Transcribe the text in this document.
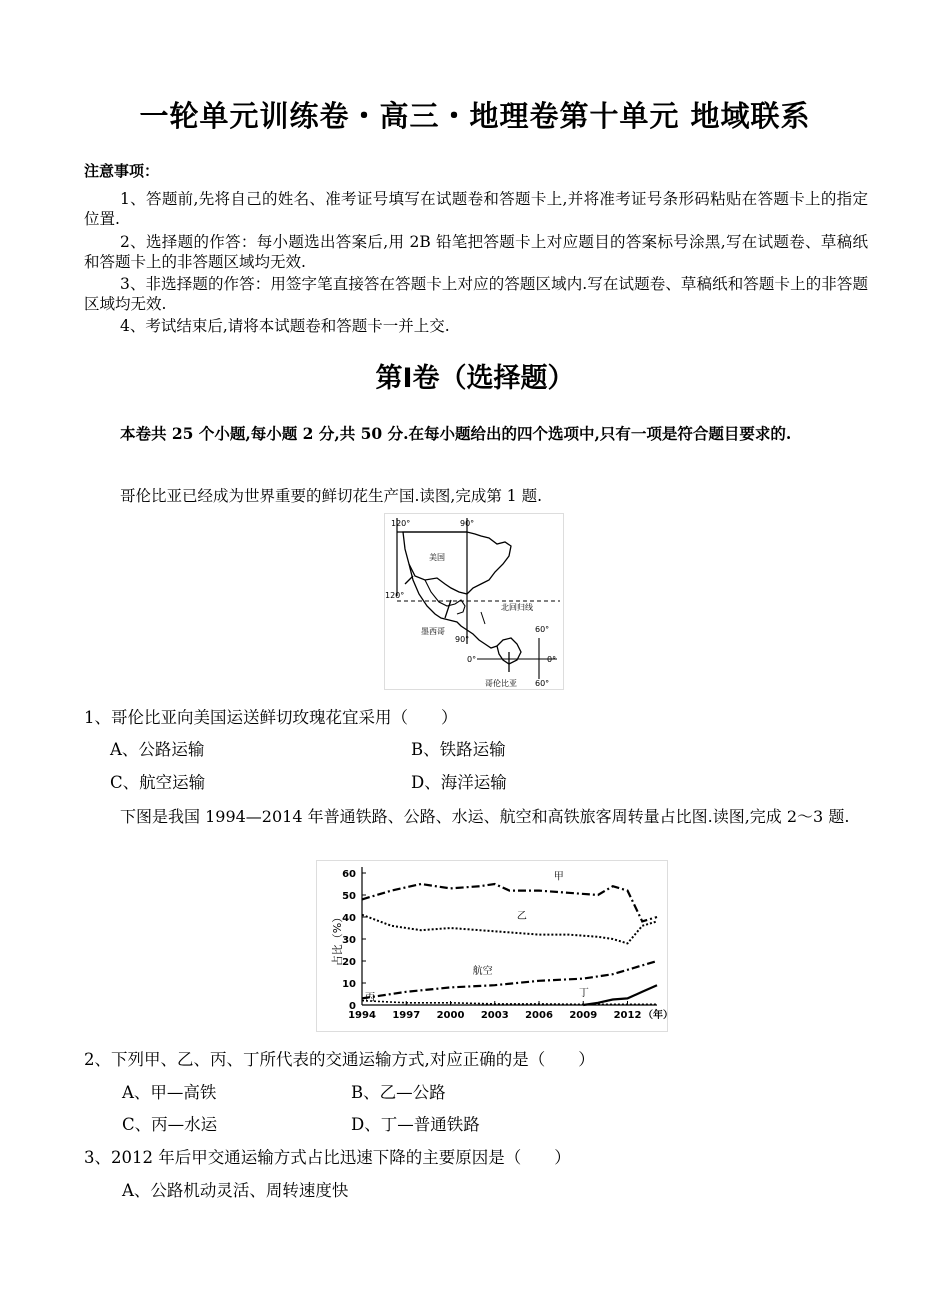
一轮单元训练卷・高三・地理卷第十单元 地域联系
注意事项：
1、答题前,先将自己的姓名、准考证号填写在试题卷和答题卡上,并将准考证号条形码粘贴在答题卡上的指定位置.
2、选择题的作答：每小题选出答案后,用 2B 铅笔把答题卡上对应题目的答案标号涂黑,写在试题卷、草稿纸和答题卡上的非答题区域均无效.
3、非选择题的作答：用签字笔直接答在答题卡上对应的答题区域内.写在试题卷、草稿纸和答题卡上的非答题区域均无效.
4、考试结束后,请将本试题卷和答题卡一并上交.
第Ⅰ卷（选择题）
本卷共 25 个小题,每小题 2 分,共 50 分.在每小题给出的四个选项中,只有一项是符合题目要求的.
哥伦比亚已经成为世界重要的鲜切花生产国.读图,完成第 1 题.
120°	90°
120°
90°
60°
0°	0°
60°
美国
北回归线
墨西哥
哥伦比亚
1、哥伦比亚向美国运送鲜切玫瑰花宜采用（　　）
A、公路运输	B、铁路运输
C、航空运输	D、海洋运输
下图是我国 1994—2014 年普通铁路、公路、水运、航空和高铁旅客周转量占比图.读图,完成 2～3 题.
0
10
20
30
40
50
60
1994 1997 2000 2003 2006 2009 2012 （年）
占比（%）
甲
乙
航空
丙	丁
2、下列甲、乙、丙、丁所代表的交通运输方式,对应正确的是（　　）
A、甲—高铁	B、乙—公路
C、丙—水运	D、丁—普通铁路
3、2012 年后甲交通运输方式占比迅速下降的主要原因是（　　）
A、公路机动灵活、周转速度快
